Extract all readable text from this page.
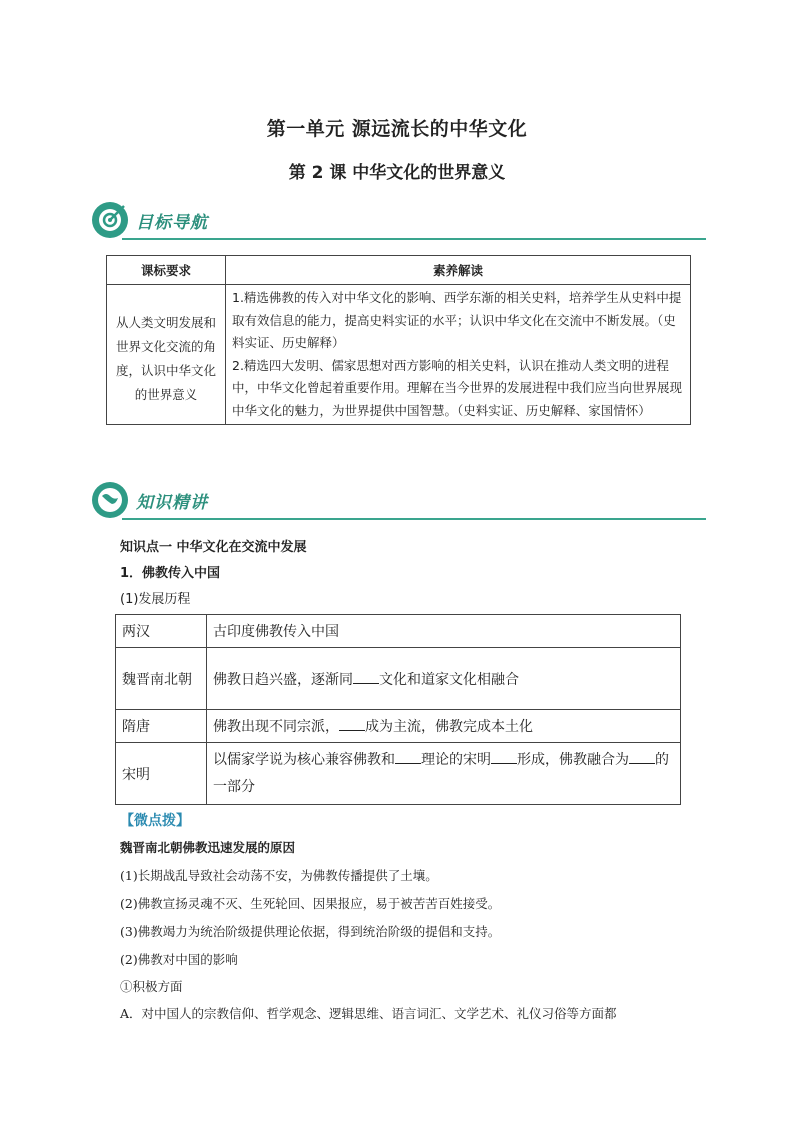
第一单元 源远流长的中华文化
第 2 课 中华文化的世界意义
目标导航
课标要求	素养解读
从人类文明发展和世界文化交流的角度，认识中华文化的世界意义	1.精选佛教的传入对中华文化的影响、西学东渐的相关史料，培养学生从史料中提取有效信息的能力，提高史料实证的水平；认识中华文化在交流中不断发展。（史料实证、历史解释）
2.精选四大发明、儒家思想对西方影响的相关史料，认识在推动人类文明的进程中，中华文化曾起着重要作用。理解在当今世界的发展进程中我们应当向世界展现中华文化的魅力，为世界提供中国智慧。（史料实证、历史解释、家国情怀）
知识精讲
知识点一 中华文化在交流中发展
1．佛教传入中国
(1)发展历程
两汉	古印度佛教传入中国
魏晋南北朝	佛教日趋兴盛，逐渐同 文化和道家文化相融合
隋唐	佛教出现不同宗派， 成为主流，佛教完成本土化
宋明	以儒家学说为核心兼容佛教和 理论的宋明 形成，佛教融合为 的一部分
【微点拨】
魏晋南北朝佛教迅速发展的原因
(1)长期战乱导致社会动荡不安，为佛教传播提供了土壤。
(2)佛教宣扬灵魂不灭、生死轮回、因果报应，易于被苦苦百姓接受。
(3)佛教竭力为统治阶级提供理论依据，得到统治阶级的提倡和支持。
(2)佛教对中国的影响
①积极方面
A．对中国人的宗教信仰、哲学观念、逻辑思维、语言词汇、文学艺术、礼仪习俗等方面都
